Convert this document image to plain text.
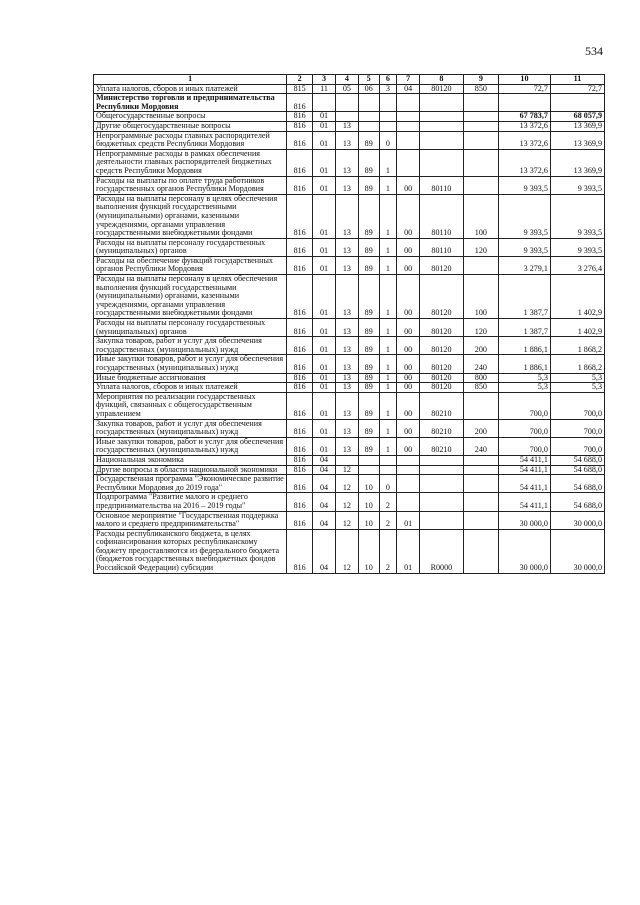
534
1	2	3	4	5	6	7	8	9	10	11
Уплата налогов, сборов и иных платежей	815	11	05	06	3	04	80120	850	72,7	72,7
Министерство торговли и предпринимательства Республики Мордовия	816									
Общегосударственные вопросы	816	01							67 783,7	68 057,9
Другие общегосударственные вопросы	816	01	13						13 372,6	13 369,9
Непрограммные расходы главных распорядителей бюджетных средств Республики Мордовия	816	01	13	89	0				13 372,6	13 369,9
Непрограммные расходы в рамках обеспечения деятельности главных распорядителей бюджетных средств Республики Мордовия	816	01	13	89	1				13 372,6	13 369,9
Расходы на выплаты по оплате труда работников государственных органов Республики Мордовия	816	01	13	89	1	00	80110		9 393,5	9 393,5
Расходы на выплаты персоналу в целях обеспечения выполнения функций государственными (муниципальными) органами, казенными учреждениями, органами управления государственными внебюджетными фондами	816	01	13	89	1	00	80110	100	9 393,5	9 393,5
Расходы на выплаты персоналу государственных (муниципальных) органов	816	01	13	89	1	00	80110	120	9 393,5	9 393,5
Расходы на обеспечение функций государственных органов Республики Мордовия	816	01	13	89	1	00	80120		3 279,1	3 276,4
Расходы на выплаты персоналу в целях обеспечения выполнения функций государственными (муниципальными) органами, казенными учреждениями, органами управления государственными внебюджетными фондами	816	01	13	89	1	00	80120	100	1 387,7	1 402,9
Расходы на выплаты персоналу государственных (муниципальных) органов	816	01	13	89	1	00	80120	120	1 387,7	1 402,9
Закупка товаров, работ и услуг для обеспечения государственных (муниципальных) нужд	816	01	13	89	1	00	80120	200	1 886,1	1 868,2
Иные закупки товаров, работ и услуг для обеспечения государственных (муниципальных) нужд	816	01	13	89	1	00	80120	240	1 886,1	1 868,2
Иные бюджетные ассигнования	816	01	13	89	1	00	80120	800	5,3	5,3
Уплата налогов, сборов и иных платежей	816	01	13	89	1	00	80120	850	5,3	5,3
Мероприятия по реализации государственных функций, связанных с общегосударственным управлением	816	01	13	89	1	00	80210		700,0	700,0
Закупка товаров, работ и услуг для обеспечения государственных (муниципальных) нужд	816	01	13	89	1	00	80210	200	700,0	700,0
Иные закупки товаров, работ и услуг для обеспечения государственных (муниципальных) нужд	816	01	13	89	1	00	80210	240	700,0	700,0
Национальная экономика	816	04							54 411,1	54 688,0
Другие вопросы в области национальной экономики	816	04	12						54 411,1	54 688,0
Государственная программа "Экономическое развитие Республики Мордовия до 2019 года"	816	04	12	10	0				54 411,1	54 688,0
Подпрограмма "Развитие малого и среднего предпринимательства на 2016 – 2019 годы"	816	04	12	10	2				54 411,1	54 688,0
Основное мероприятие "Государственная поддержка малого и среднего предпринимательства"	816	04	12	10	2	01			30 000,0	30 000,0
Расходы республиканского бюджета, в целях софинансирования которых республиканскому бюджету предоставляются из федерального бюджета (бюджетов государственных внебюджетных фондов Российской Федерации) субсидии	816	04	12	10	2	01	R0000		30 000,0	30 000,0
